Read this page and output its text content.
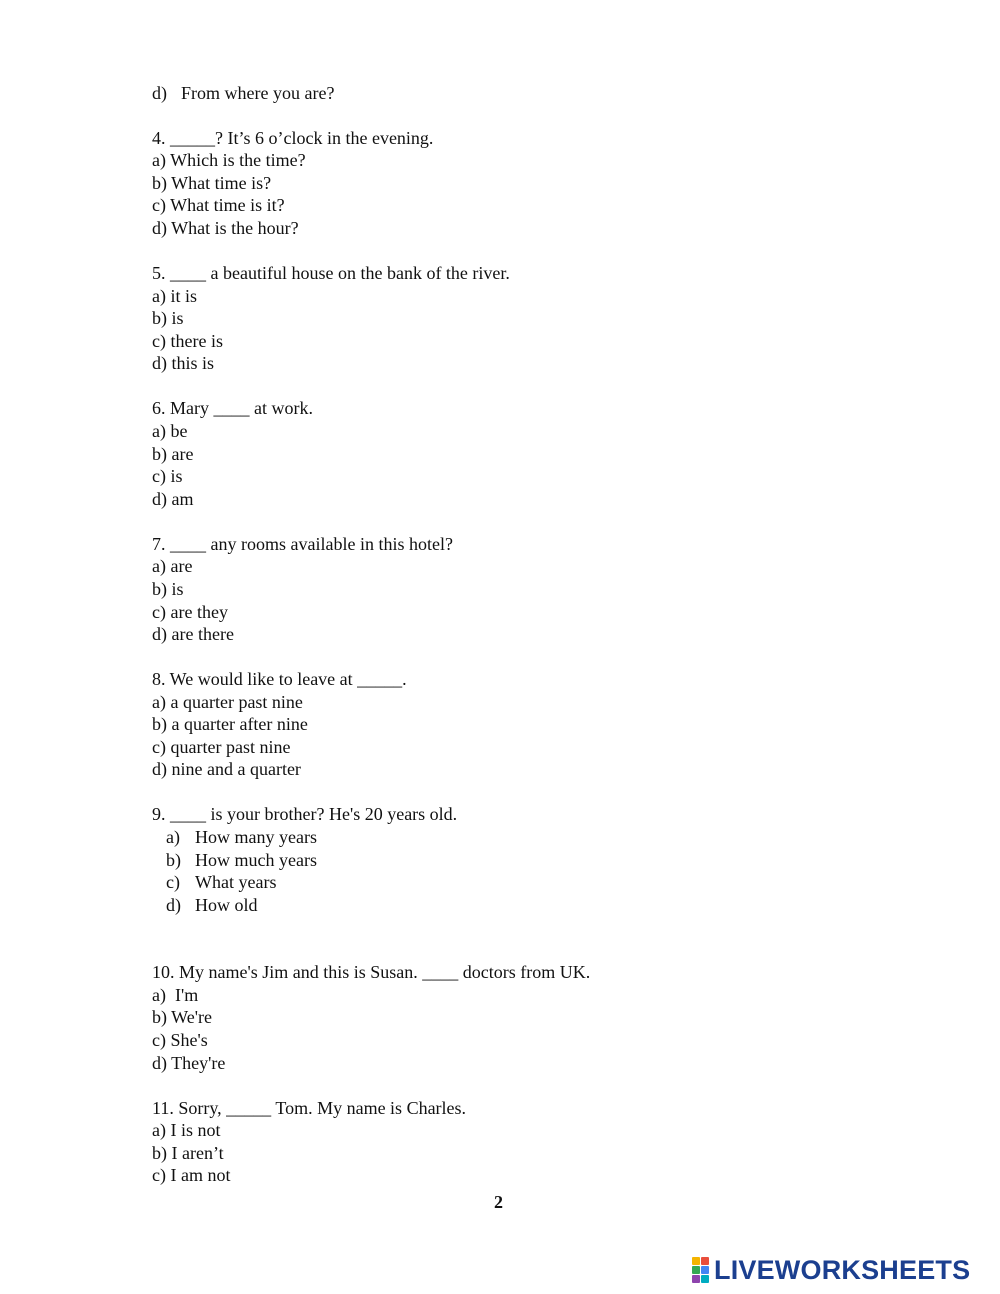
d) From where you are?
4. _____? It’s 6 o’clock in the evening.
a) Which is the time?
b) What time is?
c) What time is it?
d) What is the hour?
5. ____ a beautiful house on the bank of the river.
a) it is
b) is
c) there is
d) this is
6. Mary ____ at work.
a) be
b) are
c) is
d) am
7. ____ any rooms available in this hotel?
a) are
b) is
c) are they
d) are there
8. We would like to leave at _____.
a) a quarter past nine
b) a quarter after nine
c) quarter past nine
d) nine and a quarter
9. ____ is your brother? He's 20 years old.
a) How many years
b) How much years
c) What years
d) How old
10. My name's Jim and this is Susan. ____ doctors from UK.
a)  I'm
b) We're
c) She's
d) They're
11. Sorry, _____ Tom. My name is Charles.
a) I is not
b) I aren’t
c) I am not
2
LIVEWORKSHEETS
